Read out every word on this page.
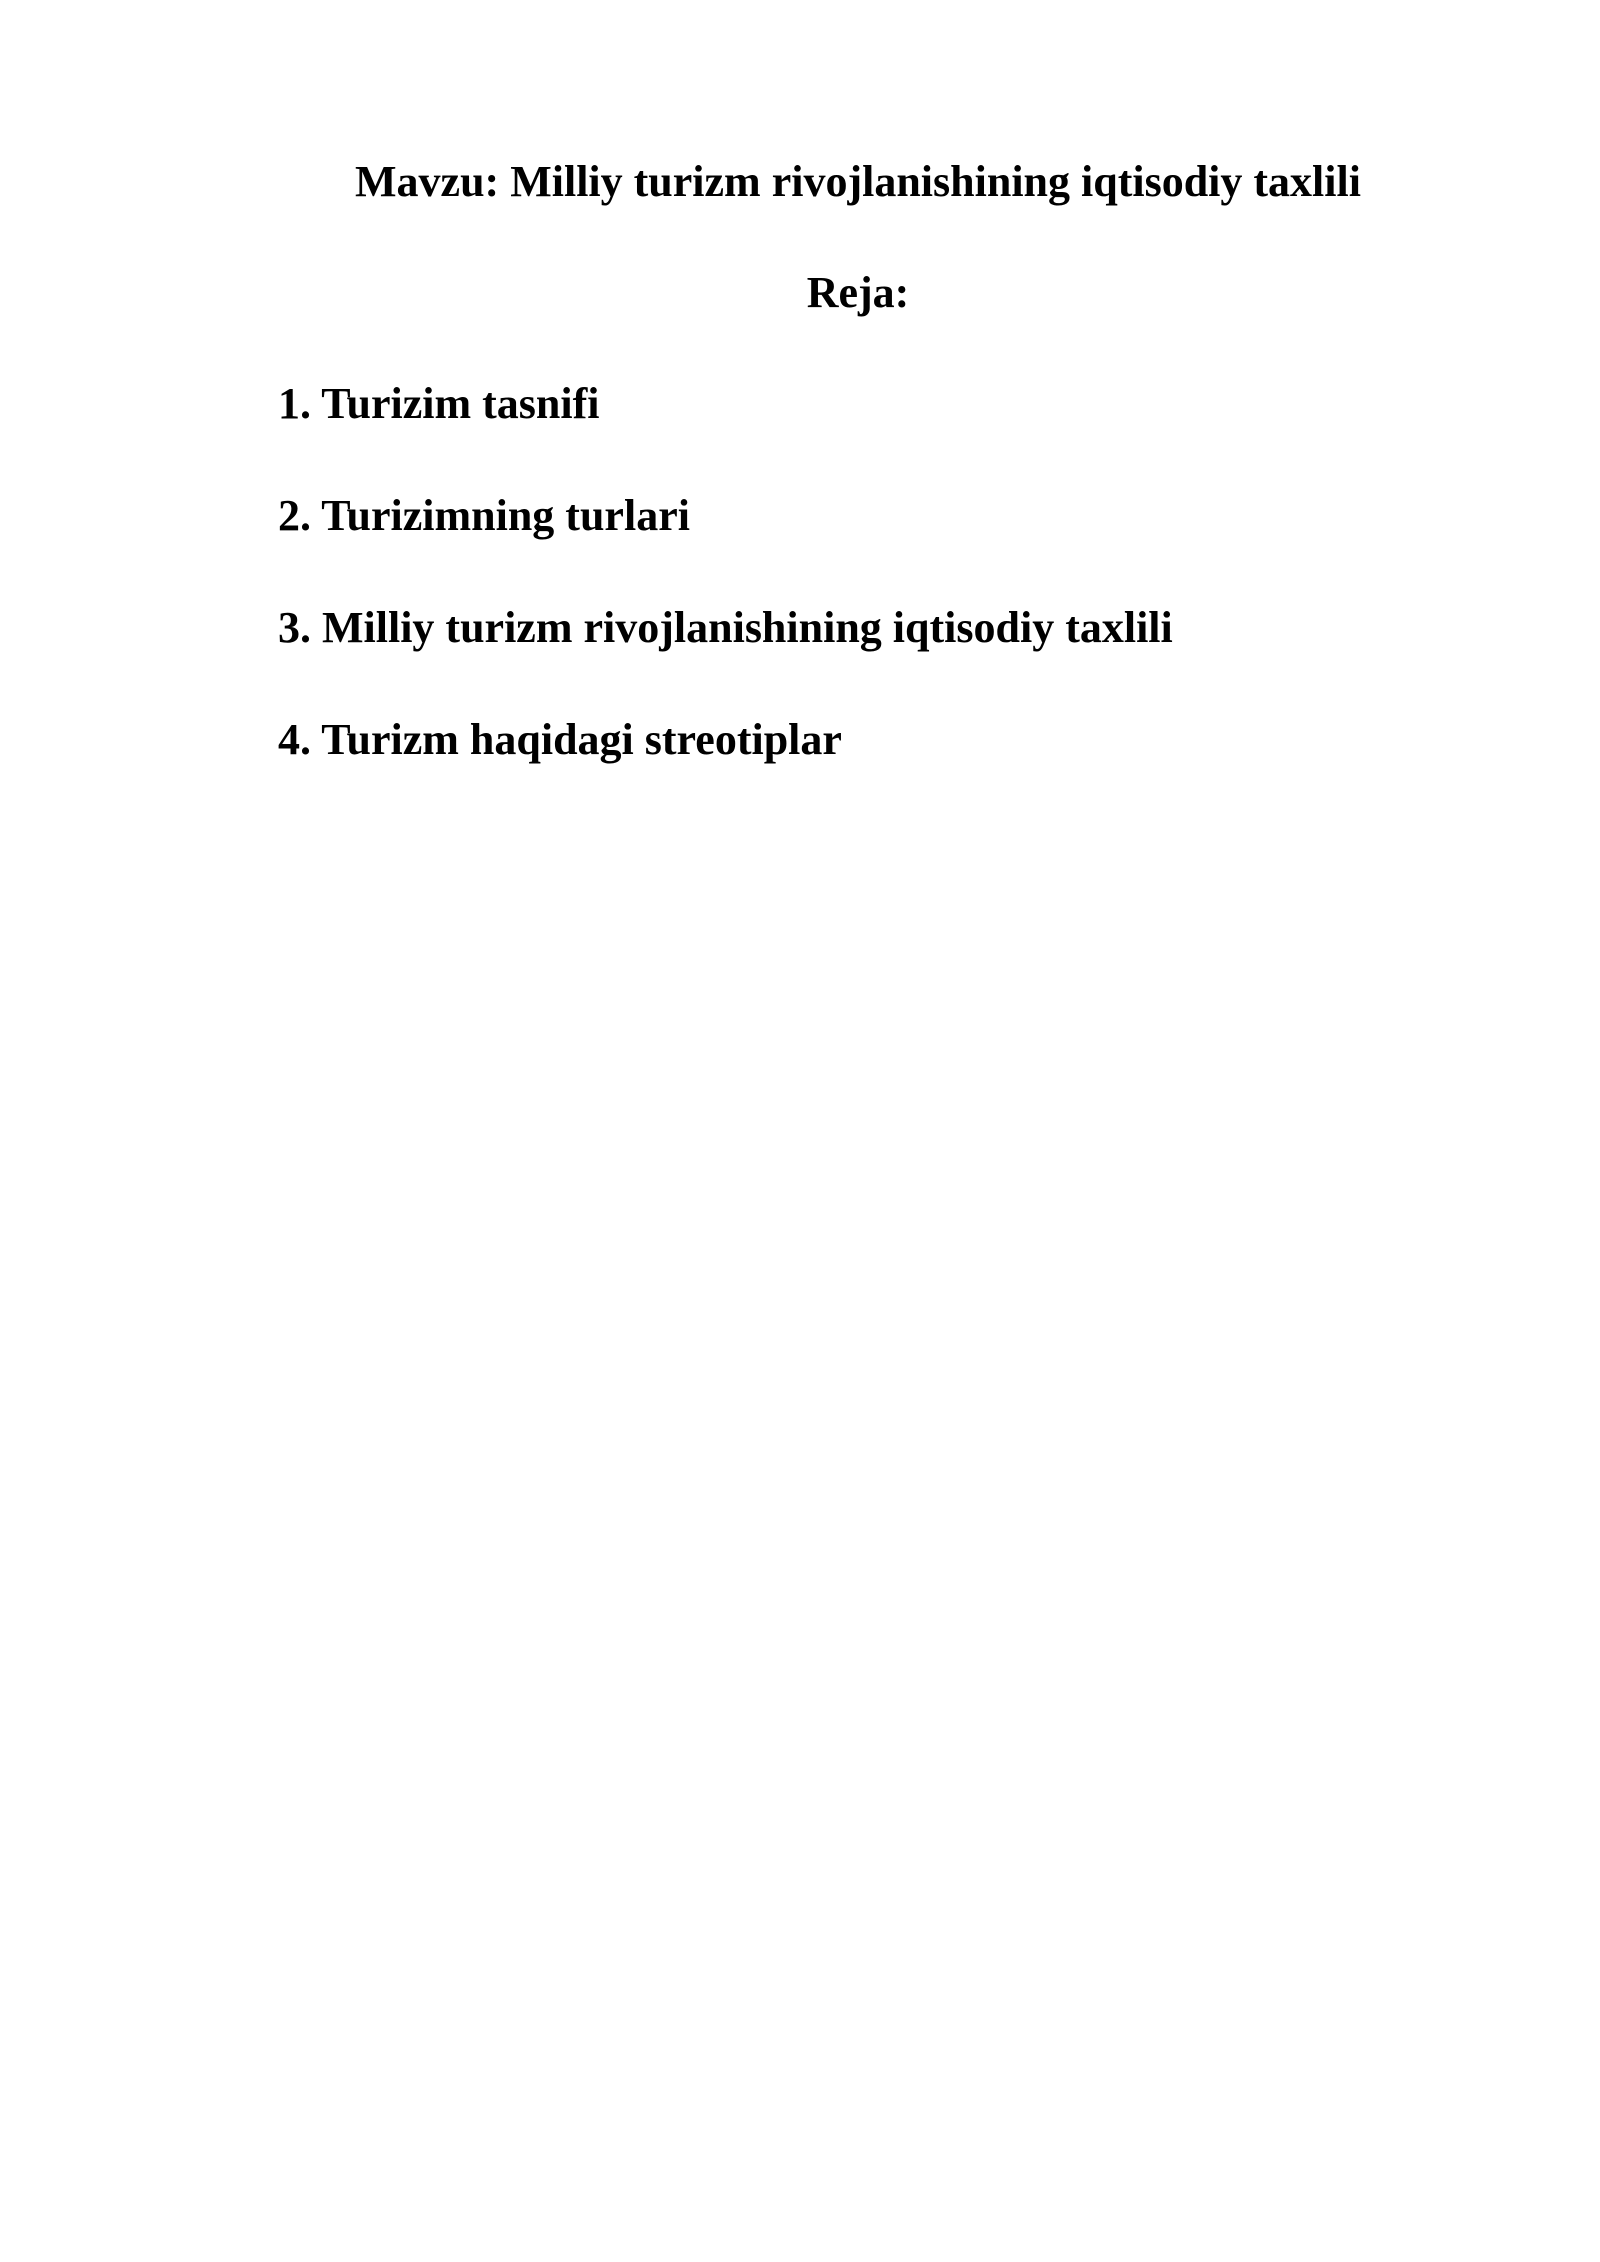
Mavzu: Milliy turizm rivojlanishining iqtisodiy taxlili
Reja:
1. Turizim tasnifi
2. Turizimning turlari
3. Milliy turizm rivojlanishining iqtisodiy taxlili
4. Turizm haqidagi streotiplar
